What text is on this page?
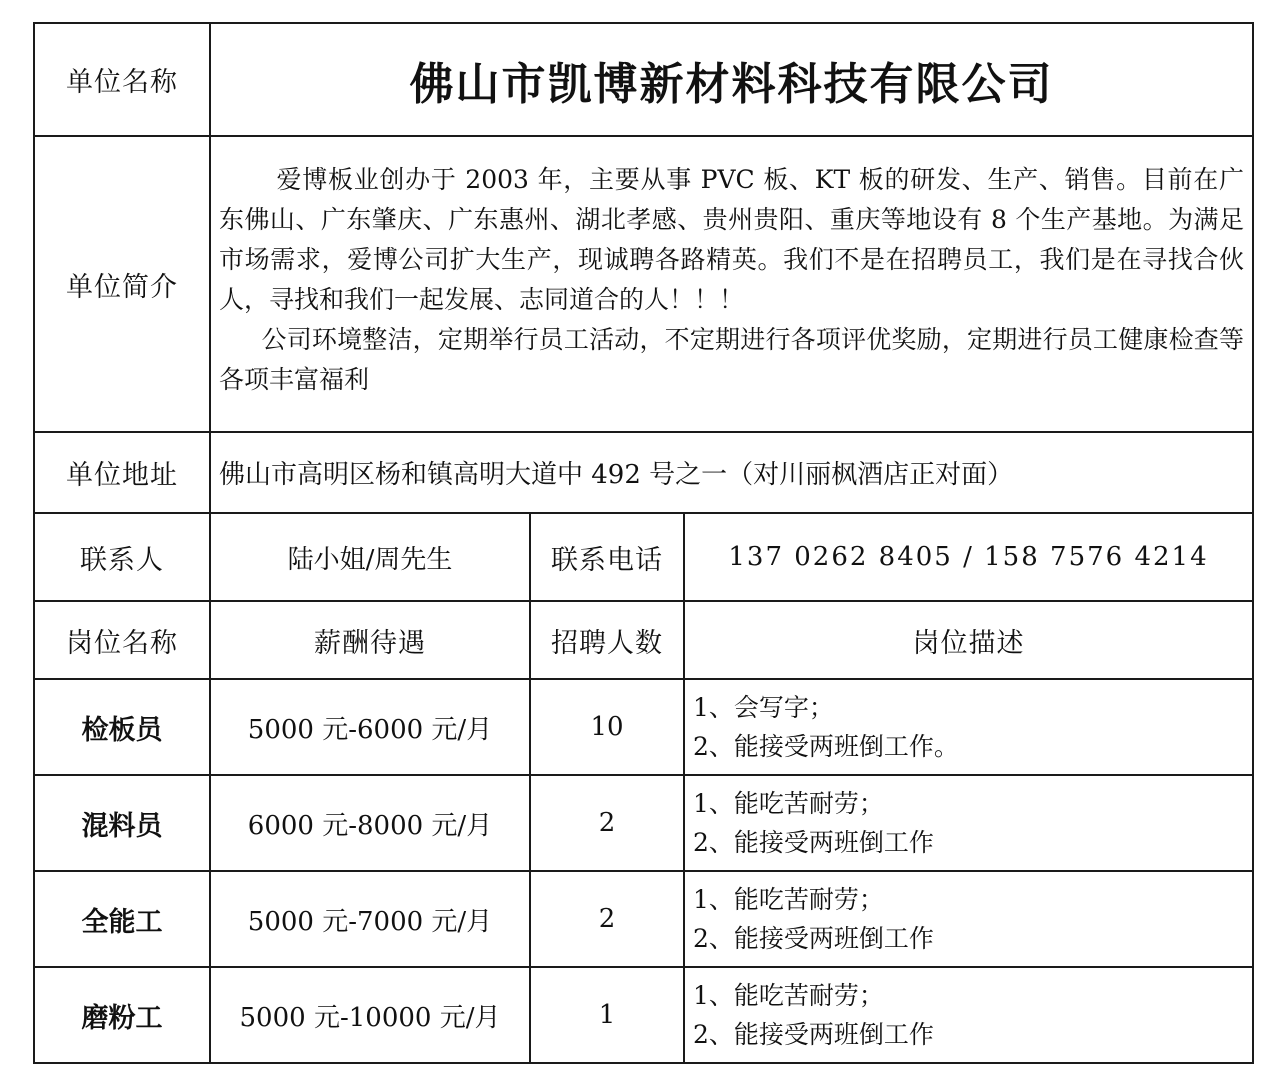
单位名称	佛山市凯博新材料科技有限公司		
单位简介	爱博板业创办于 2003 年，主要从事 PVC 板、KT 板的研发、生产、销售。目前在广东佛山、广东肇庆、广东惠州、湖北孝感、贵州贵阳、重庆等地设有 8 个生产基地。为满足市场需求，爱博公司扩大生产，现诚聘各路精英。我们不是在招聘员工，我们是在寻找合伙人，寻找和我们一起发展、志同道合的人！！！

公司环境整洁，定期举行员工活动，不定期进行各项评优奖励，定期进行员工健康检查等各项丰富福利		

单位地址	佛山市高明区杨和镇高明大道中 492 号之一（对川丽枫酒店正对面）		
联系人	陆小姐/周先生	联系电话	137 0262 8405 / 158 7576 4214
岗位名称	薪酬待遇	招聘人数	岗位描述
检板员	5000 元-6000 元/月	10	1、会写字；
2、能接受两班倒工作。

混料员	6000 元-8000 元/月	2	1、能吃苦耐劳；
2、能接受两班倒工作

全能工	5000 元-7000 元/月	2	1、能吃苦耐劳；
2、能接受两班倒工作

磨粉工	5000 元-10000 元/月	1	1、能吃苦耐劳；
2、能接受两班倒工作
